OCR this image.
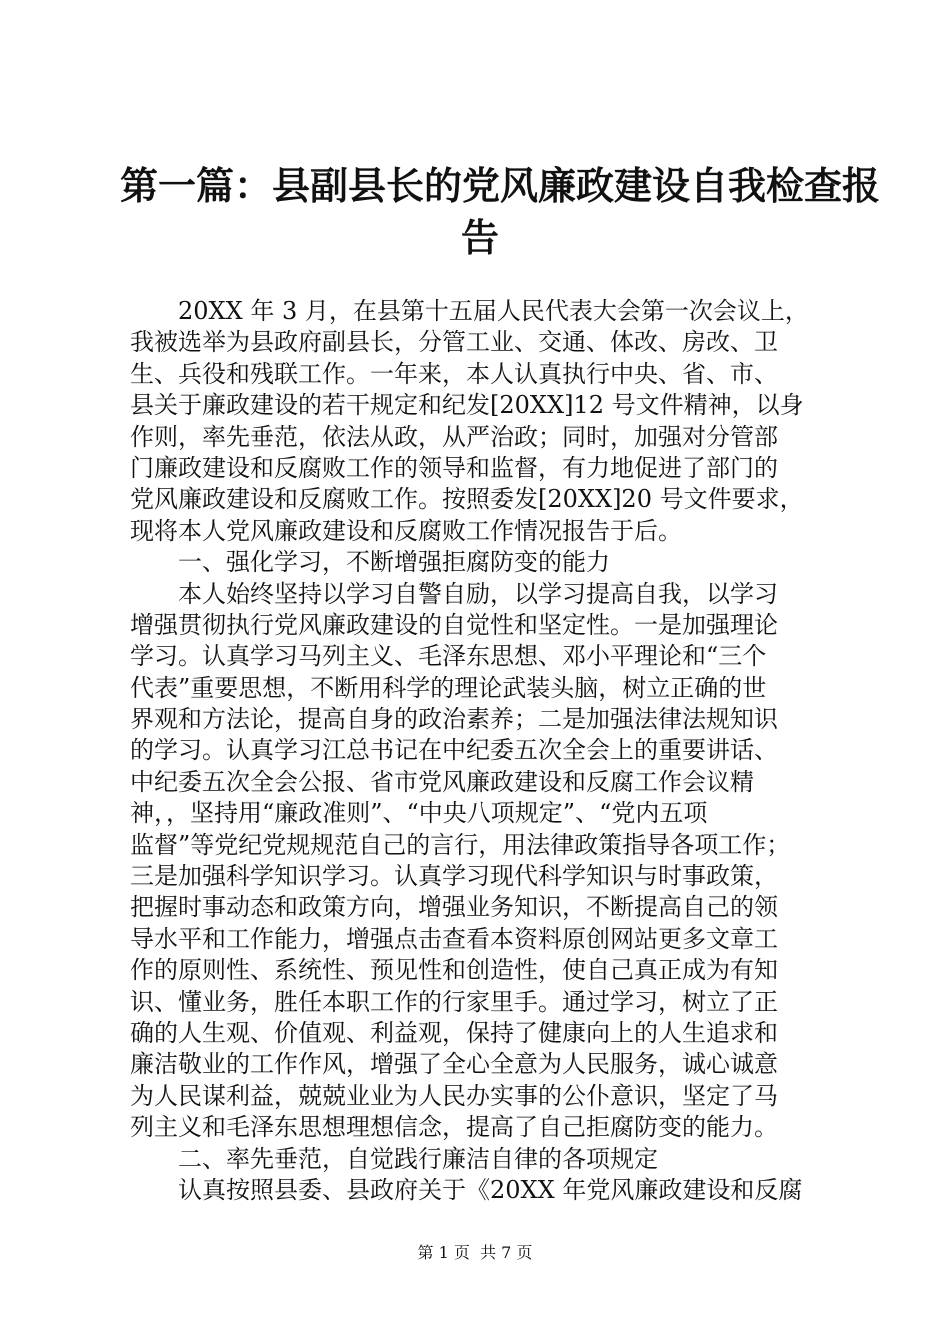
第一篇：县副县长的党风廉政建设自我检查报
告
20XX 年 3 月，在县第十五届人民代表大会第一次会议上，
我被选举为县政府副县长，分管工业、交通、体改、房改、卫
生、兵役和残联工作。一年来，本人认真执行中央、省、市、
县关于廉政建设的若干规定和纪发[20XX]12 号文件精神，以身
作则，率先垂范，依法从政，从严治政；同时，加强对分管部
门廉政建设和反腐败工作的领导和监督，有力地促进了部门的
党风廉政建设和反腐败工作。按照委发[20XX]20 号文件要求，
现将本人党风廉政建设和反腐败工作情况报告于后。
一、强化学习，不断增强拒腐防变的能力
本人始终坚持以学习自警自励，以学习提高自我，以学习
增强贯彻执行党风廉政建设的自觉性和坚定性。一是加强理论
学习。认真学习马列主义、毛泽东思想、邓小平理论和“三个
代表”重要思想，不断用科学的理论武装头脑，树立正确的世
界观和方法论，提高自身的政治素养；二是加强法律法规知识
的学习。认真学习江总书记在中纪委五次全会上的重要讲话、
中纪委五次全会公报、省市党风廉政建设和反腐工作会议精
神，，坚持用“廉政准则”、“中央八项规定”、“党内五项
监督”等党纪党规规范自己的言行，用法律政策指导各项工作；
三是加强科学知识学习。认真学习现代科学知识与时事政策，
把握时事动态和政策方向，增强业务知识，不断提高自己的领
导水平和工作能力，增强点击查看本资料原创网站更多文章工
作的原则性、系统性、预见性和创造性，使自己真正成为有知
识、懂业务，胜任本职工作的行家里手。通过学习，树立了正
确的人生观、价值观、利益观，保持了健康向上的人生追求和
廉洁敬业的工作作风，增强了全心全意为人民服务，诚心诚意
为人民谋利益，兢兢业业为人民办实事的公仆意识，坚定了马
列主义和毛泽东思想理想信念，提高了自己拒腐防变的能力。
二、率先垂范，自觉践行廉洁自律的各项规定
认真按照县委、县政府关于《20XX 年党风廉政建设和反腐
第 1 页  共 7 页
